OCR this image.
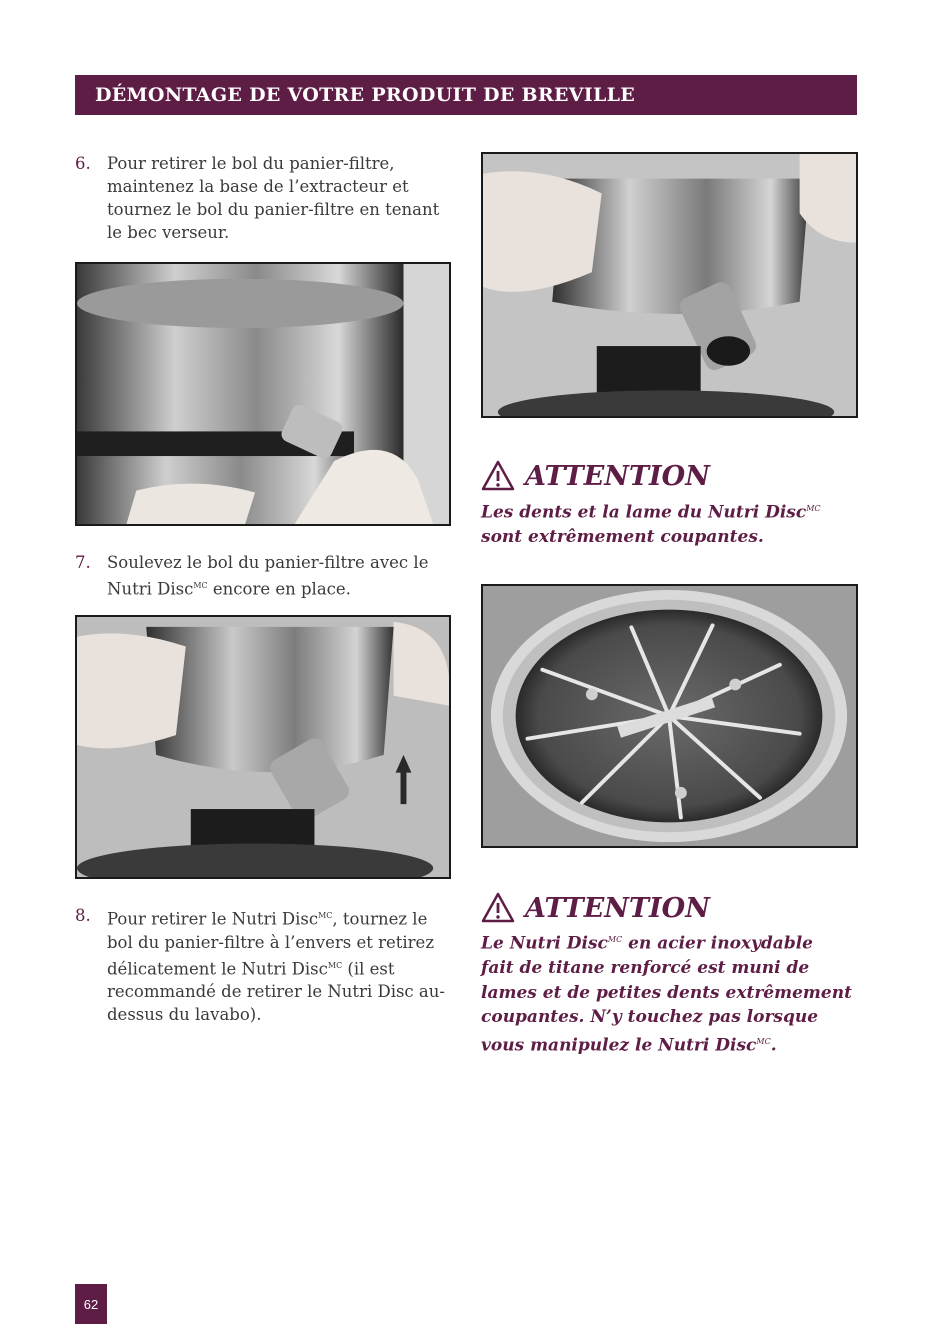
DÉMONTAGE DE VOTRE PRODUIT DE BREVILLE
6. Pour retirer le bol du panier-filtre,
maintenez la base de l’extracteur et
tournez le bol du panier-filtre en tenant
le bec verseur.
7. Soulevez le bol du panier-filtre avec le
Nutri Disc$^{MC}$ encore en place.
8. Pour retirer le Nutri Disc$^{MC}$, tournez le
bol du panier-filtre à l’envers et retirez
délicatement le Nutri Disc$^{MC}$ (il est
recommandé de retirer le Nutri Disc au-
dessus du lavabo).
ATTENTION
Les dents et la lame du Nutri Disc$^{MC}$
sont extrêmement coupantes.
ATTENTION
Le Nutri Disc$^{MC}$ en acier inoxydable
fait de titane renforcé est muni de
lames et de petites dents extrêmement
coupantes. N’y touchez pas lorsque
vous manipulez le Nutri Disc$^{MC}$.
62
